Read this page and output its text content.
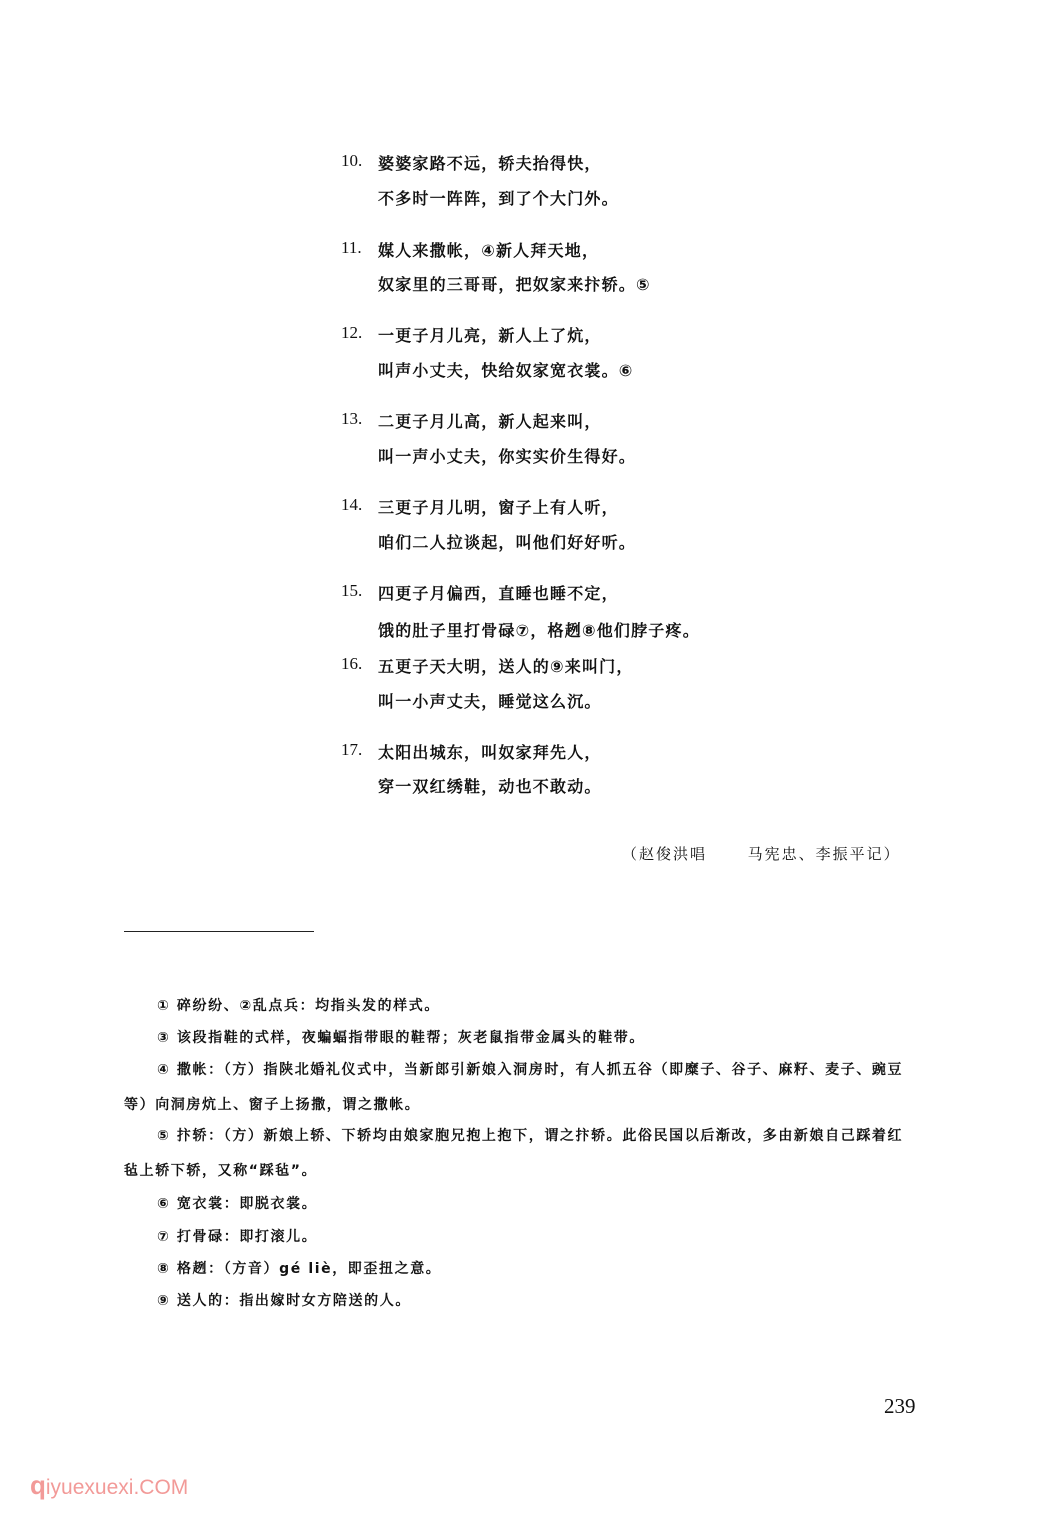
10. 婆婆家路不远，轿夫抬得快，
不多时一阵阵，到了个大门外。
11. 媒人来撒帐，④新人拜天地，
奴家里的三哥哥，把奴家来抃轿。⑤
12. 一更子月儿亮，新人上了炕，
叫声小丈夫，快给奴家宽衣裳。⑥
13. 二更子月儿高，新人起来叫，
叫一声小丈夫，你实实价生得好。
14. 三更子月儿明，窗子上有人听，
咱们二人拉谈起，叫他们好好听。
15. 四更子月偏西，直睡也睡不定，
饿的肚子里打骨碌⑦，格趔⑧他们脖子疼。
16. 五更子天大明，送人的⑨来叫门，
叫一小声丈夫，睡觉这么沉。
17. 太阳出城东，叫奴家拜先人，
穿一双红绣鞋，动也不敢动。
（赵俊洪唱      马宪忠、李振平记）
① 碎纷纷、②乱点兵：均指头发的样式。
③ 该段指鞋的式样，夜蝙蝠指带眼的鞋帮；灰老鼠指带金属头的鞋带。
④ 撒帐：（方）指陕北婚礼仪式中，当新郎引新娘入洞房时，有人抓五谷（即糜子、谷子、麻籽、麦子、豌豆
等）向洞房炕上、窗子上扬撒，谓之撒帐。
⑤ 抃轿：（方）新娘上轿、下轿均由娘家胞兄抱上抱下，谓之抃轿。此俗民国以后渐改，多由新娘自己踩着红
毡上轿下轿，又称“踩毡”。
⑥ 宽衣裳：即脱衣裳。
⑦ 打骨碌：即打滚儿。
⑧ 格趔：（方音）gé liè，即歪扭之意。
⑨ 送人的：指出嫁时女方陪送的人。
239
qiyuexuexi.COM
